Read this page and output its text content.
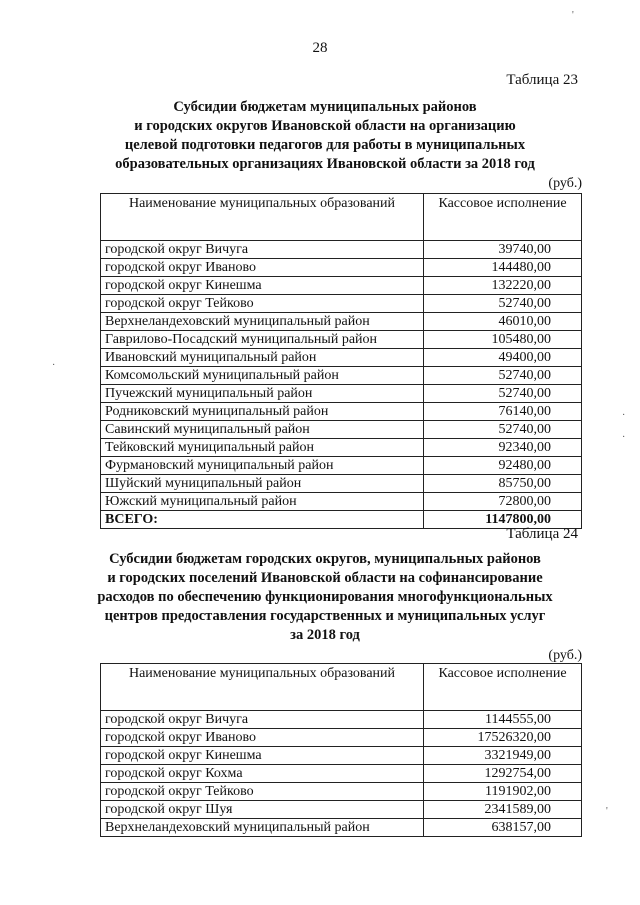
28
Таблица 23
Субсидии бюджетам муниципальных районов
и городских округов Ивановской области на организацию
целевой подготовки педагогов для работы в муниципальных
образовательных организациях Ивановской области за 2018 год
(руб.)
Наименование муниципальных образований	Кассовое исполнение
городской округ Вичуга	39740,00
городской округ Иваново	144480,00
городской округ Кинешма	132220,00
городской округ Тейково	52740,00
Верхнеландеховский муниципальный район	46010,00
Гаврилово-Посадский муниципальный район	105480,00
Ивановский муниципальный район	49400,00
Комсомольский муниципальный район	52740,00
Пучежский муниципальный район	52740,00
Родниковский муниципальный район	76140,00
Савинский муниципальный район	52740,00
Тейковский муниципальный район	92340,00
Фурмановский муниципальный район	92480,00
Шуйский муниципальный район	85750,00
Южский муниципальный район	72800,00
ВСЕГО:	1147800,00
Таблица 24
Субсидии бюджетам городских округов, муниципальных районов
и городских поселений Ивановской области на софинансирование
расходов по обеспечению функционирования многофункциональных
центров предоставления государственных и муниципальных услуг
за 2018 год
(руб.)
Наименование муниципальных образований	Кассовое исполнение
городской округ Вичуга	1144555,00
городской округ Иваново	17526320,00
городской округ Кинешма	3321949,00
городской округ Кохма	1292754,00
городской округ Тейково	1191902,00
городской округ Шуя	2341589,00
Верхнеландеховский муниципальный район	638157,00
'
·
·
·
'
